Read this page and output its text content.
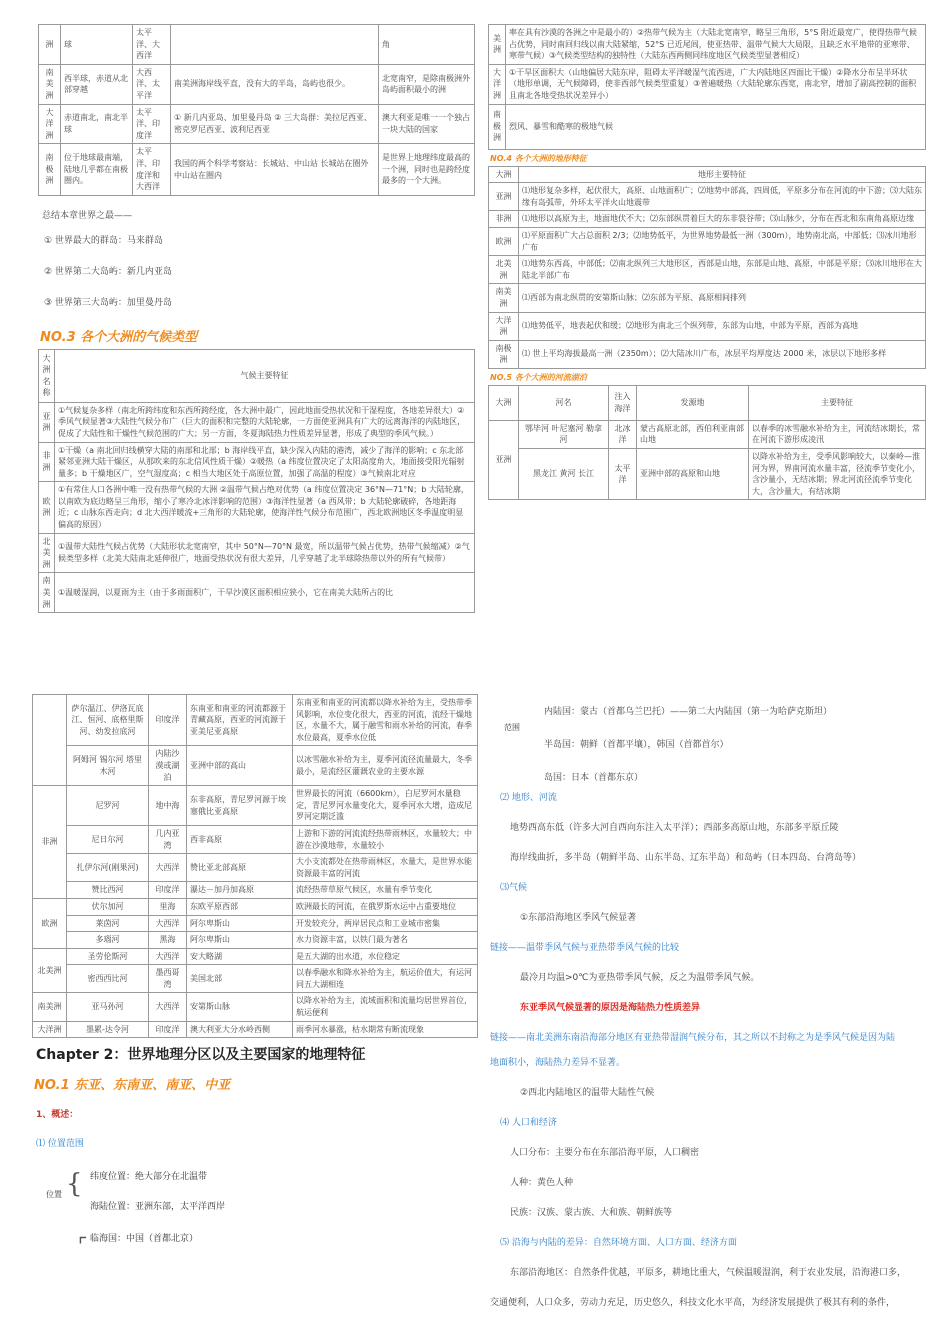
洲	球	太平洋、大西洋		角
南美洲	西半球，赤道从北部穿越	大西洋、太平洋	南美洲海岸线平直，没有大的半岛，岛屿也很少。	北宽南窄，是除南极洲外岛屿面积最小的洲
大洋洲	赤道南北，南北半球	太平洋、印度洋	① 新几内亚岛、加里曼丹岛 ② 三大岛群：美拉尼西亚、密克罗尼西亚、波利尼西亚	澳大利亚是唯一一个独占一块大陆的国家
南极洲	位于地球最南端，陆地几乎都在南极圈内。	太平洋、印度洋和大西洋	我国的两个科学考察站：长城站、中山站 长城站在圈外 中山站在圈内	是世界上地理纬度最高的一个洲，同时也是跨经度最多的一个大洲。
总结本章世界之最——
① 世界最大的群岛：马来群岛
② 世界第二大岛屿：新几内亚岛
③ 世界第三大岛屿：加里曼丹岛
NO.3 各个大洲的气候类型
大洲名称	气候主要特征
亚洲	①气候复杂多样（南北所跨纬度和东西所跨经度，各大洲中最广，因此地面受热状况和干湿程度，各地差异很大）②季风气候显著③大陆性气候分布广（巨大的面积和完整的大陆轮廓，一方面使亚洲具有广大的远离海洋的内陆地区，促成了大陆性和干燥性气候范围的广大；另一方面，冬夏海陆热力性质差异显著，形成了典型的季风气候。）
非洲	①干燥（a 南北回归线横穿大陆的南部和北部；b 海岸线平直，缺少深入内陆的港湾，减少了海洋的影响；c 东北部紧邻亚洲大陆干燥区，从那吹来的东北信风性质干燥）②暖热（a 纬度位置决定了太阳高度角大，地面接受阳光辐射量多；b 干燥地区广，空气湿度高；c 相当大地区处于高原位置，加强了高温的程度）③气候南北对应
欧洲	①有常住人口各洲中唯一没有热带气候的大洲 ②温带气候占绝对优势（a 纬度位置决定 36°N—71°N；b 大陆轮廓，以南欧为底边略呈三角形，缩小了寒冷北冰洋影响的范围）③海洋性显著（a 西风带；b 大陆轮廓破碎，各地距海近；c 山脉东西走向；d 北大西洋暖流+三角形的大陆轮廓，使海洋性气候分布范围广，西北欧洲地区冬季温度明显偏高的原因）
北美洲	①温带大陆性气候占优势（大陆形状北宽南窄，其中 50°N—70°N 最宽，所以温带气候占优势，热带气候缩减）②气候类型多样（北美大陆南北延伸很广，地面受热状况有很大差异，几乎穿越了北半球除热带以外的所有气候带）
南美洲	①温暖湿润，以夏雨为主（由于多雨面积广，干旱沙漠区面积相应狭小，它在南美大陆所占的比
美洲	率在具有沙漠的各洲之中是最小的）②热带气候为主（大陆北宽南窄，略呈三角形，5°S 附近最宽广，使得热带气候占优势，同时南回归线以南大陆紧缩，52°S 已近尾闾，使亚热带、温带气候大大局限，且缺乏水平地带的亚寒带、寒带气候）③气候类型结构的独特性（大陆东西两侧同纬度地区气候类型显著相反）
大洋洲	①干旱区面积大（山地偏居大陆东岸，阻碍太平洋暖湿气流西进，广大内陆地区四面比干燥）②降水分布呈半环状（地形单调，无气候障碍，使非西部气候类型重复）③普遍暖热（大陆轮廓东西宽，南北窄，增加了副高控制的面积且南北各地受热状况差异小）
南极洲	烈风、暴雪和酷寒的极地气候
NO.4 各个大洲的地形特征
大洲	地形主要特征
亚洲	⑴地形复杂多样，起伏很大，高原、山地面积广；⑵地势中部高，四周低，平原多分布在河流的中下游；⑶大陆东缘有岛弧带，外环太平洋火山地震带
非洲	⑴地形以高原为主，地面地伏不大；⑵东部纵贯着巨大的东非裂谷带；⑶山脉少，分布在西北和东南角高原边缘
欧洲	⑴平原面积广大占总面积 2/3；⑵地势低平，为世界地势最低一洲（300m），地势南北高，中部低；⑶冰川地形广布
北美洲	⑴地势东西高，中部低；⑵南北纵列三大地形区，西部是山地，东部是山地、高原，中部是平原；⑶冰川地形在大陆北半部广布
南美洲	⑴西部为南北纵贯的安第斯山脉；⑵东部为平原、高原相间排列
大洋洲	⑴地势低平，地表起伏和缓；⑵地形为南北三个纵列带，东部为山地，中部为平原，西部为高地
南极洲	⑴ 世上平均海拔最高一洲（2350m）；⑵大陆冰川广布，冰层平均厚度达 2000 米，冰层以下地形多样
NO.5 各个大洲的河流湖泊
大洲	河名	注入海洋	发源地	主要特征
亚洲	鄂毕河 叶尼塞河 勒拿河	北冰洋	蒙古高原北部，西伯利亚南部山地	以春季的冰雪融水补给为主，河流结冰期长，常在河流下游形成凌汛
	黑龙江 黄河 长江	太平洋	亚洲中部的高原和山地	以降水补给为主，受季风影响较大，以秦岭—淮河为界，界南河流水量丰富，径流季节变化小，含沙量小，无结冰期；界北河流径流季节变化大，含沙量大，有结冰期
	萨尔温江、伊洛瓦底江、恒河、底格里斯河、幼发拉底河	印度洋	东南亚和南亚的河流都源于青藏高原，西亚的河流源于亚美尼亚高原	东南亚和南亚的河流都以降水补给为主，受热带季风影响，水位变化很大，西亚的河流，流经干燥地区，水量不大，属于融雪和雨水补给的河流，春季水位最高，夏季水位低
	阿姆河 锡尔河 塔里木河	内陆沙漠或湖泊	亚洲中部的高山	以冰雪融水补给为主，夏季河流径流量最大，冬季最小，是流经区灌溉农业的主要水源
非洲	尼罗河	地中海	东非高原，青尼罗河源于埃塞俄比亚高原	世界最长的河流（6600km），白尼罗河水量稳定，青尼罗河水量变化大，夏季河水大增，造成尼罗河定期泛滥
	尼日尔河	几内亚湾	西非高原	上游和下游的河流流经热带雨林区，水量较大；中游在沙漠地带，水量较小
	扎伊尔河(刚果河)	大西洋	赞比亚北部高原	大小支流都处在热带雨林区，水量大，是世界水能资源最丰富的河流
	赞比西河	印度洋	瀑达－加丹加高原	流经热带草原气候区，水量有季节变化
欧洲	伏尔加河	里海	东欧平原西部	欧洲最长的河流，在俄罗斯水运中占重要地位
	莱茵河	大西洋	阿尔卑斯山	开发较充分，两岸居民点和工业城市密集
	多瑙河	黑海	阿尔卑斯山	水力资源丰富，以铁门最为著名
北美洲	圣劳伦斯河	大西洋	安大略湖	是五大湖的出水道，水位稳定
	密西西比河	墨西哥湾	美国北部	以春季融水和降水补给为主，航运价值大，有运河同五大湖相连
南美洲	亚马孙河	大西洋	安第斯山脉	以降水补给为主，流域面积和流量均居世界首位，航运便利
大洋洲	墨累-达令河	印度洋	澳大利亚大分水岭西侧	雨季河水暴涨，枯水期常有断流现象
Chapter 2：世界地理分区以及主要国家的地理特征
NO.1 东亚、东南亚、南亚、中亚
1、概述：
⑴ 位置范围
位置 { 纬度位置：绝大部分在北温带
海陆位置：亚洲东部，太平洋西岸
⌜ 临海国：中国（首都北京）
范围
内陆国：蒙古（首都乌兰巴托）——第二大内陆国（第一为哈萨克斯坦）
半岛国：朝鲜（首都平壤），韩国（首都首尔）
岛国：日本（首都东京）
⑵ 地形、河流
地势西高东低（许多大河自西向东注入太平洋）；西部多高原山地，东部多平原丘陵
海岸线曲折，多半岛（朝鲜半岛、山东半岛、辽东半岛）和岛屿（日本四岛、台湾岛等）
⑶气候
①东部沿海地区季风气候显著
链接——温带季风气候与亚热带季风气候的比较
最冷月均温>0℃为亚热带季风气候，反之为温带季风气候。
东亚季风气候显著的原因是海陆热力性质差异
链接——南北美洲东南沿海部分地区有亚热带湿润气候分布，其之所以不封称之为是季风气候是因为陆
地面积小，海陆热力差异不显著。
②西北内陆地区的温带大陆性气候
⑷ 人口和经济
人口分布：主要分布在东部沿海平原，人口稠密
人种：黄色人种
民族：汉族、蒙古族、大和族、朝鲜族等
⑸ 沿海与内陆的差异：自然环境方面、人口方面、经济方面
东部沿海地区：自然条件优越，平原多，耕地比重大，气候温暖湿润，利于农业发展，沿海港口多，
交通便利，人口众多，劳动力充足，历史悠久，科技文化水平高，为经济发展提供了极其有利的条件，
